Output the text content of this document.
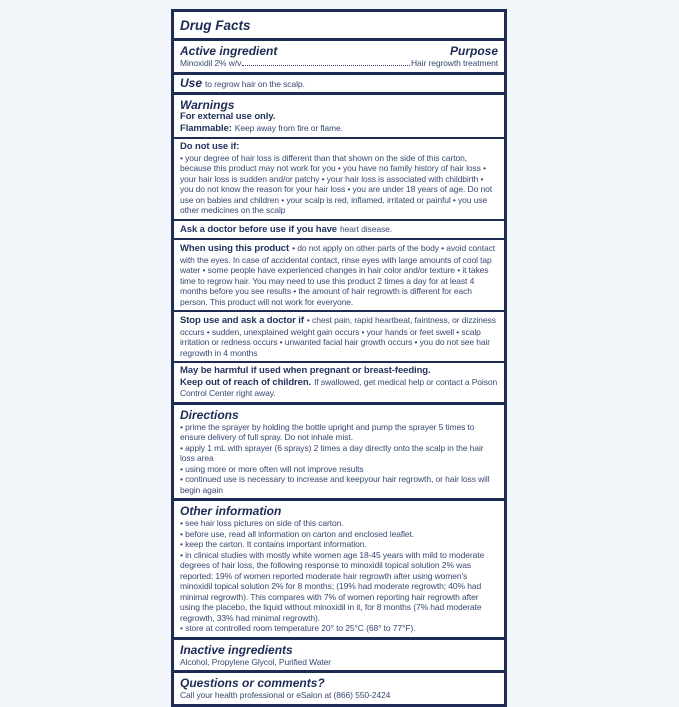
Drug Facts
Active ingredient	Purpose
Minoxidil 2% w/v	Hair regrowth treatment

Use to regrow hair on the scalp.

Warnings

For external use only.

Flammable: Keep away from fire or flame.

Do not use if:

• your degree of hair loss is different than that shown on the side of this carton, because this product may not work for you • you have no family history of hair loss • your hair loss is sudden and/or patchy • your hair loss is associated with childbirth • you do not know the reason for your hair loss • you are under 18 years of age. Do not use on babies and children • your scalp is red, inflamed, irritated or painful • you use other medicines on the scalp

Ask a doctor before use if you have heart disease.

When using this product • do not apply on other parts of the body • avoid contact with the eyes. In case of accidental contact, rinse eyes with large amounts of cool tap water • some people have experienced changes in hair color and/or texture • it takes time to regrow hair. You may need to use this product 2 times a day for at least 4 months before you see results • the amount of hair regrowth is different for each person. This product will not work for everyone.

Stop use and ask a doctor if • chest pain, rapid heartbeat, faintness, or dizziness occurs • sudden, unexplained weight gain occurs • your hands or feet swell • scalp irritation or redness occurs • unwanted facial hair growth occurs • you do not see hair regrowth in 4 months

May be harmful if used when pregnant or breast-feeding.

Keep out of reach of children. If swallowed, get medical help or contact a Poison Control Center right away.

Directions

• prime the sprayer by holding the bottle upright and pump the sprayer 5 times to ensure delivery of full spray. Do not inhale mist.

• apply 1 mL with sprayer (6 sprays) 2 times a day directly onto the scalp in the hair loss area

• using more or more often will not improve results

• continued use is necessary to increase and keepyour hair regrowth, or hair loss will begin again

Other information

• see hair loss pictures on side of this carton.

• before use, read all information on carton and enclosed leaflet.

• keep the carton. It contains important information.

• in clinical studies with mostly white women age 18-45 years with mild to moderate degrees of hair loss, the following response to minoxidil topical solution 2% was reported: 19% of women reported moderate hair regrowth after using women's minoxidil topical solution 2% for 8 months; (19% had moderate regrowth; 40% had minimal regrowth). This compares with 7% of women reporting hair regrowth after using the placebo, the liquid without minoxidil in it, for 8 months (7% had moderate regrowth, 33% had minimal regrowth).

• store at controlled room temperature 20° to 25°C (68° to 77°F).

Inactive ingredients

Alcohol, Propylene Glycol, Purified Water

Questions or comments?

Call your health professional or eSalon at (866) 550-2424
